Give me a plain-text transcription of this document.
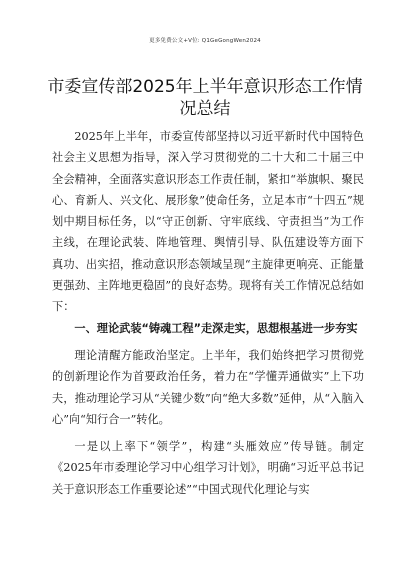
更多免费公文+V位: Q1GeGongWen2024
市委宣传部2025年上半年意识形态工作情况总结

2025年上半年，市委宣传部坚持以习近平新时代中国特色社会主义思想为指导，深入学习贯彻党的二十大和二十届三中全会精神，全面落实意识形态工作责任制，紧扣“举旗帜、聚民心、育新人、兴文化、展形象”使命任务，立足本市“十四五”规划中期目标任务，以“守正创新、守牢底线、守责担当”为工作主线，在理论武装、阵地管理、舆情引导、队伍建设等方面下真功、出实招，推动意识形态领域呈现“主旋律更响亮、正能量更强劲、主阵地更稳固”的良好态势。现将有关工作情况总结如下：

一、理论武装“铸魂工程”走深走实，思想根基进一步夯实

理论清醒方能政治坚定。上半年，我们始终把学习贯彻党的创新理论作为首要政治任务，着力在“学懂弄通做实”上下功夫，推动理论学习从“关键少数”向“绝大多数”延伸，从“入脑入心”向“知行合一”转化。

一是以上率下“领学”，构建“头雁效应”传导链。制定《2025年市委理论学习中心组学习计划》，明确“习近平总书记关于意识形态工作重要论述”“中国式现代化理论与实
